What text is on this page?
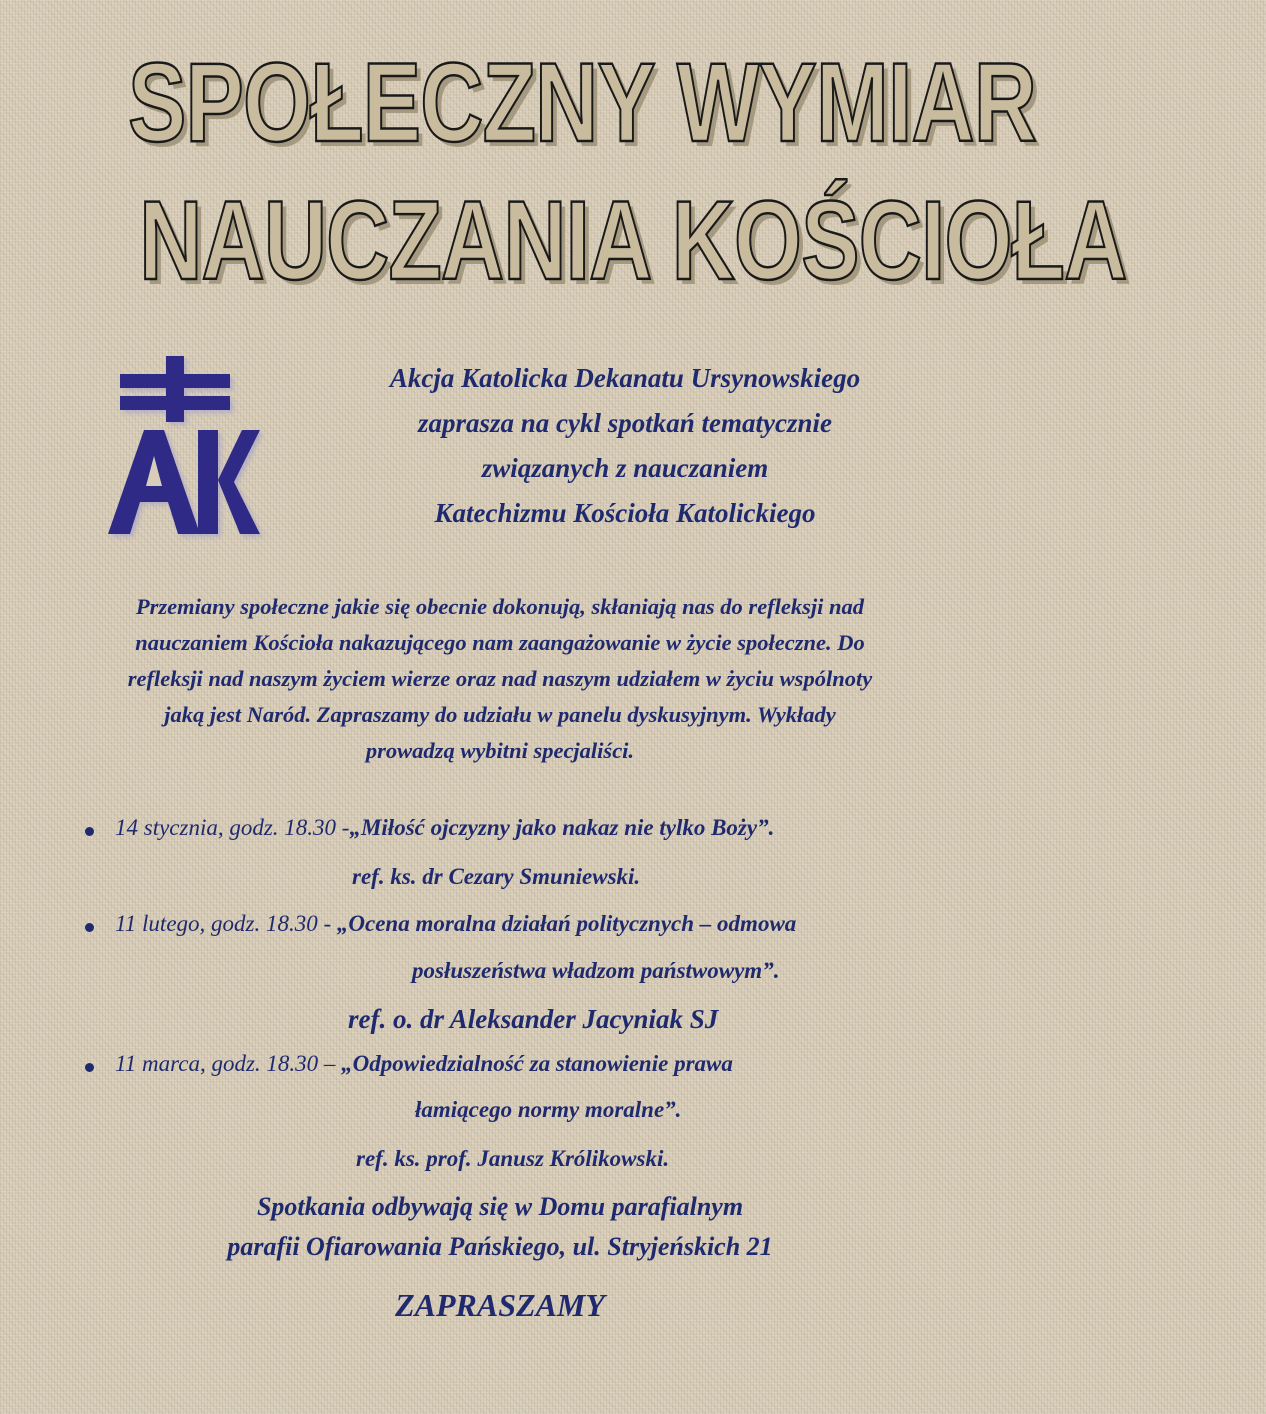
SPOŁECZNY WYMIAR
NAUCZANIA KOŚCIOŁA
Akcja Katolicka Dekanatu Ursynowskiego
zaprasza na cykl spotkań tematycznie
związanych z nauczaniem
Katechizmu Kościoła Katolickiego
Przemiany społeczne jakie się obecnie dokonują, skłaniają nas do refleksji nad
nauczaniem Kościoła nakazującego nam zaangażowanie w życie społeczne. Do
refleksji nad naszym życiem wierze oraz nad naszym udziałem w życiu wspólnoty
jaką jest Naród. Zapraszamy do udziału w panelu dyskusyjnym. Wykłady
prowadzą wybitni specjaliści.
14 stycznia, godz. 18.30 -„Miłość ojczyzny jako nakaz nie tylko Boży”.
ref. ks. dr Cezary Smuniewski.
11 lutego, godz. 18.30 - „Ocena moralna działań politycznych – odmowa
posłuszeństwa władzom państwowym”.
ref. o. dr Aleksander Jacyniak SJ
11 marca, godz. 18.30 – „Odpowiedzialność za stanowienie prawa
łamiącego normy moralne”.
ref. ks. prof. Janusz Królikowski.
Spotkania odbywają się w Domu parafialnym
parafii Ofiarowania Pańskiego, ul. Stryjeńskich 21
ZAPRASZAMY
